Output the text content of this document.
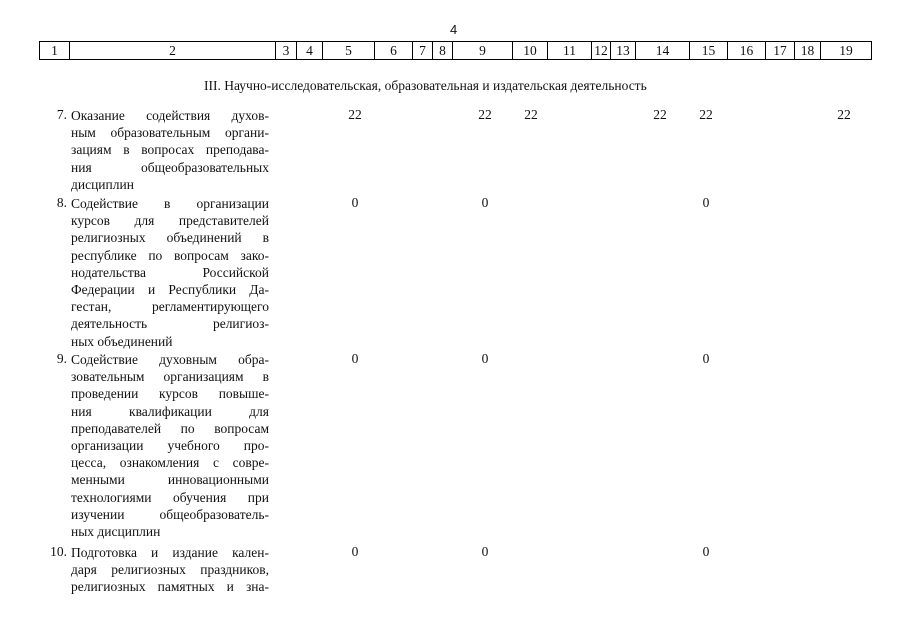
4
1	2	3	4	5	6	7 8	9	10	11	12 13	14	15	16	17	18	19
III. Научно-исследовательская, образовательная и издательская деятельность
7. Оказание содействия духов-
ным образовательным органи-
зациям в вопросах преподава-
ния общеобразовательных
дисциплин
22	22	22	22	22	22
8. Содействие в организации
курсов для представителей
религиозных объединений в
республике по вопросам зако-
нодательства Российской
Федерации и Республики Да-
гестан, регламентирующего
деятельность религиоз-
ных объединений
0	0	0
9. Содействие духовным обра-
зовательным организациям в
проведении курсов повыше-
ния квалификации для
преподавателей по вопросам
организации учебного про-
цесса, ознакомления с совре-
менными инновационными
технологиями обучения при
изучении общеобразователь-
ных дисциплин
0	0	0
10. Подготовка и издание кален-
даря религиозных праздников,
религиозных памятных и зна-
0	0	0
